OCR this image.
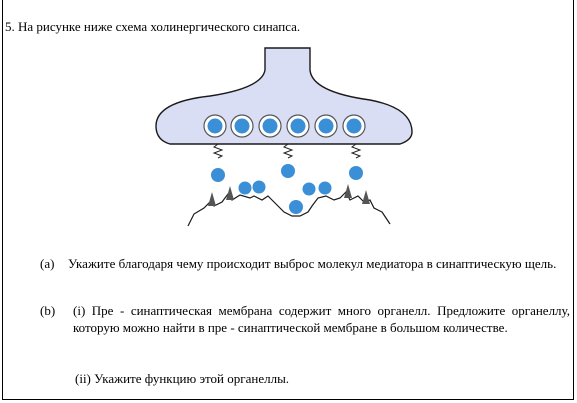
5. На рисунке ниже схема холинергического синапса.
(a)	Укажите благодаря чему происходит выброс молекул медиатора в синаптическую щель.
(b)	(i) Пре - синаптическая мембрана содержит много органелл. Предложите органеллу, которую можно найти в пре - синаптической мембране в большом количестве.
(ii) Укажите функцию этой органеллы.
